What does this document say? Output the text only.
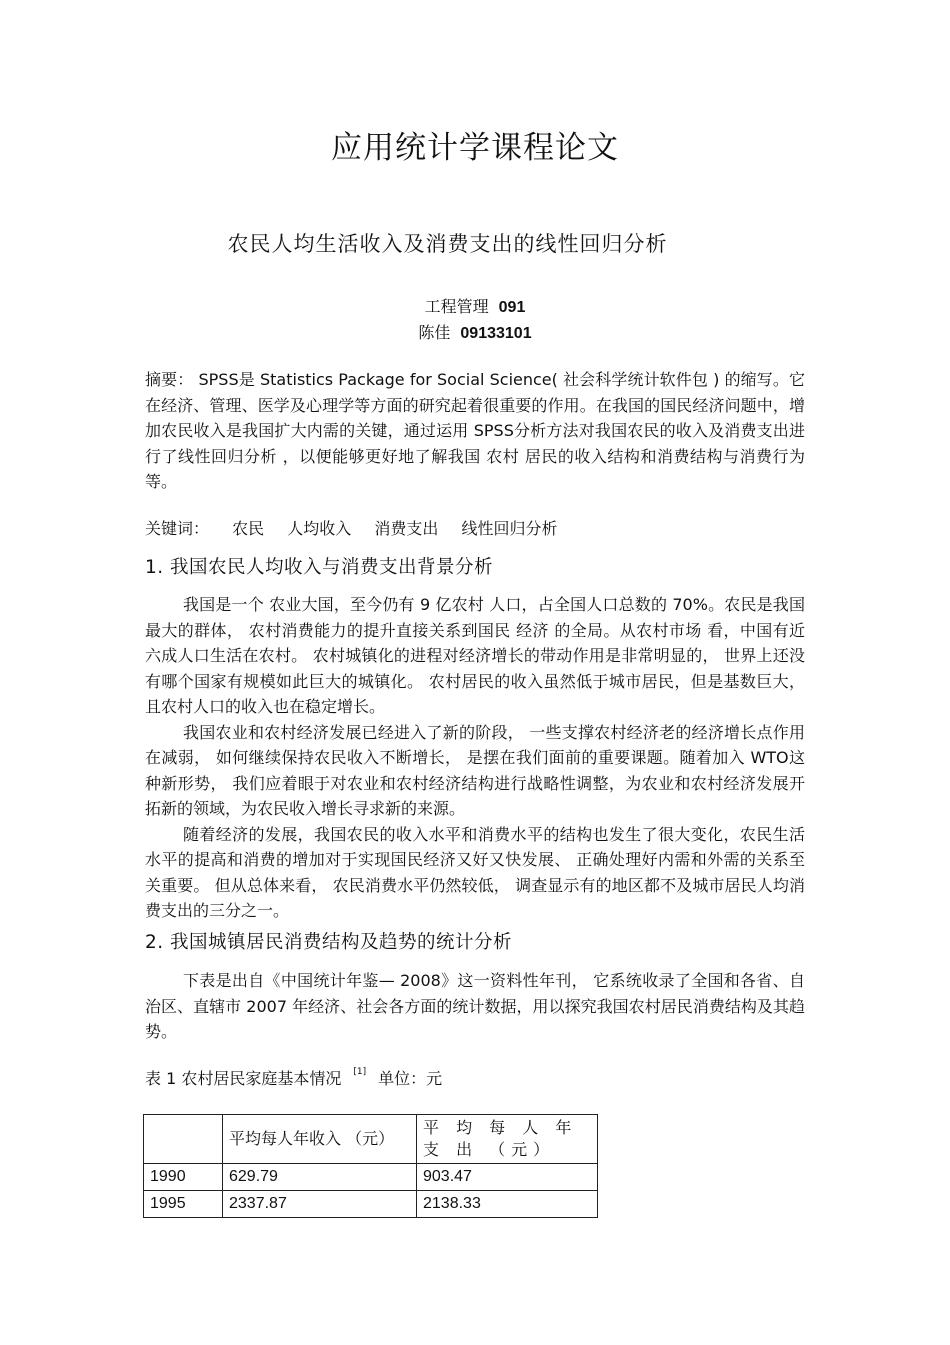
应用统计学课程论文
农民人均生活收入及消费支出的线性回归分析
工程管理 091
陈佳 09133101
摘要： SPSS是 Statistics Package for Social Science( 社会科学统计软件包 ) 的缩写。它在经济、管理、医学及心理学等方面的研究起着很重要的作用。在我国的国民经济问题中，增加农民收入是我国扩大内需的关键，通过运用 SPSS分析方法对我国农民的收入及消费支出进行了线性回归分析 ，以便能够更好地了解我国 农村 居民的收入结构和消费结构与消费行为等。
关键词： 农民 人均收入 消费支出 线性回归分析
1. 我国农民人均收入与消费支出背景分析

我国是一个 农业大国，至今仍有 9 亿农村 人口，占全国人口总数的 70%。农民是我国最大的群体， 农村消费能力的提升直接关系到国民 经济 的全局。从农村市场 看，中国有近六成人口生活在农村。 农村城镇化的进程对经济增长的带动作用是非常明显的， 世界上还没有哪个国家有规模如此巨大的城镇化。 农村居民的收入虽然低于城市居民，但是基数巨大，且农村人口的收入也在稳定增长。

我国农业和农村经济发展已经进入了新的阶段， 一些支撑农村经济老的经济增长点作用在减弱， 如何继续保持农民收入不断增长， 是摆在我们面前的重要课题。随着加入 WTO这种新形势， 我们应着眼于对农业和农村经济结构进行战略性调整，为农业和农村经济发展开拓新的领域，为农民收入增长寻求新的来源。

随着经济的发展，我国农民的收入水平和消费水平的结构也发生了很大变化，农民生活水平的提高和消费的增加对于实现国民经济又好又快发展、 正确处理好内需和外需的关系至关重要。 但从总体来看， 农民消费水平仍然较低， 调查显示有的地区都不及城市居民人均消费支出的三分之一。

2. 我国城镇居民消费结构及趋势的统计分析

下表是出自《中国统计年鉴— 2008》这一资料性年刊， 它系统收录了全国和各省、自治区、直辖市 2007 年经济、社会各方面的统计数据，用以探究我国农村居民消费结构及其趋势。

表 1 农村居民家庭基本情况 [1] 单位：元
	平均每人年收入 （元）	平 均 每 人 年 支 出 （元）
1990	629.79	903.47
1995	2337.87	2138.33
